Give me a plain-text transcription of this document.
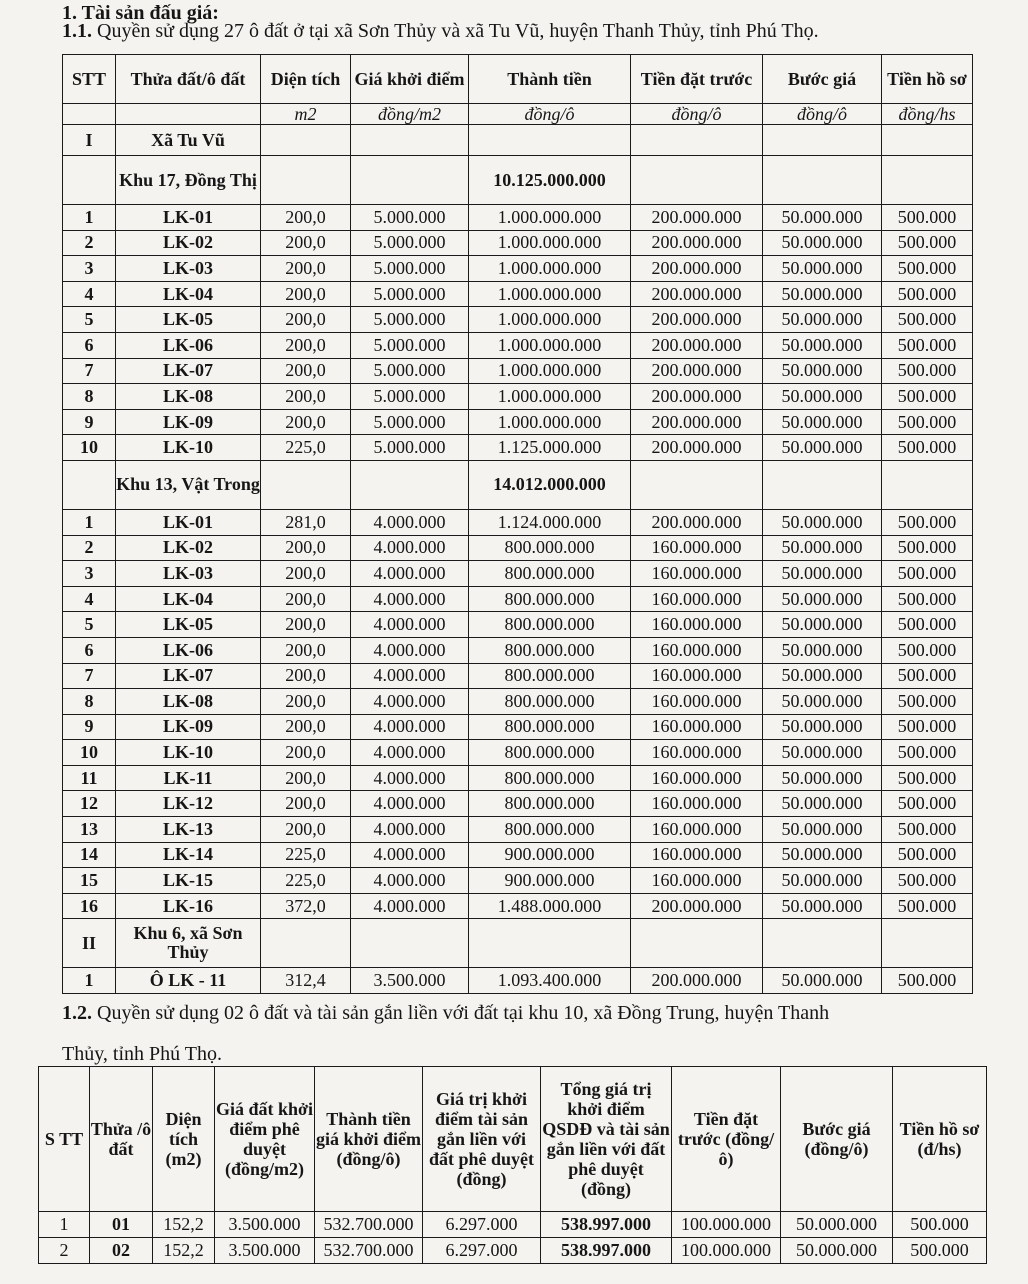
1. Tài sản đấu giá:
1.1. Quyền sử dụng 27 ô đất ở tại xã Sơn Thủy và xã Tu Vũ, huyện Thanh Thủy, tỉnh Phú Thọ.
STT	Thửa đất/ô đất	Diện tích	Giá khởi điểm	Thành tiền	Tiền đặt trước	Bước giá	Tiền hồ sơ
		m2	đồng/m2	đồng/ô	đồng/ô	đồng/ô	đồng/hs
I	Xã Tu Vũ						
	Khu 17, Đồng Thị			10.125.000.000			
1	LK-01	200,0	5.000.000	1.000.000.000	200.000.000	50.000.000	500.000
2	LK-02	200,0	5.000.000	1.000.000.000	200.000.000	50.000.000	500.000
3	LK-03	200,0	5.000.000	1.000.000.000	200.000.000	50.000.000	500.000
4	LK-04	200,0	5.000.000	1.000.000.000	200.000.000	50.000.000	500.000
5	LK-05	200,0	5.000.000	1.000.000.000	200.000.000	50.000.000	500.000
6	LK-06	200,0	5.000.000	1.000.000.000	200.000.000	50.000.000	500.000
7	LK-07	200,0	5.000.000	1.000.000.000	200.000.000	50.000.000	500.000
8	LK-08	200,0	5.000.000	1.000.000.000	200.000.000	50.000.000	500.000
9	LK-09	200,0	5.000.000	1.000.000.000	200.000.000	50.000.000	500.000
10	LK-10	225,0	5.000.000	1.125.000.000	200.000.000	50.000.000	500.000
	Khu 13, Vật Trong			14.012.000.000			
1	LK-01	281,0	4.000.000	1.124.000.000	200.000.000	50.000.000	500.000
2	LK-02	200,0	4.000.000	800.000.000	160.000.000	50.000.000	500.000
3	LK-03	200,0	4.000.000	800.000.000	160.000.000	50.000.000	500.000
4	LK-04	200,0	4.000.000	800.000.000	160.000.000	50.000.000	500.000
5	LK-05	200,0	4.000.000	800.000.000	160.000.000	50.000.000	500.000
6	LK-06	200,0	4.000.000	800.000.000	160.000.000	50.000.000	500.000
7	LK-07	200,0	4.000.000	800.000.000	160.000.000	50.000.000	500.000
8	LK-08	200,0	4.000.000	800.000.000	160.000.000	50.000.000	500.000
9	LK-09	200,0	4.000.000	800.000.000	160.000.000	50.000.000	500.000
10	LK-10	200,0	4.000.000	800.000.000	160.000.000	50.000.000	500.000
11	LK-11	200,0	4.000.000	800.000.000	160.000.000	50.000.000	500.000
12	LK-12	200,0	4.000.000	800.000.000	160.000.000	50.000.000	500.000
13	LK-13	200,0	4.000.000	800.000.000	160.000.000	50.000.000	500.000
14	LK-14	225,0	4.000.000	900.000.000	160.000.000	50.000.000	500.000
15	LK-15	225,0	4.000.000	900.000.000	160.000.000	50.000.000	500.000
16	LK-16	372,0	4.000.000	1.488.000.000	200.000.000	50.000.000	500.000
II	Khu 6, xã Sơn Thủy						
1	Ô LK - 11	312,4	3.500.000	1.093.400.000	200.000.000	50.000.000	500.000
1.2. Quyền sử dụng 02 ô đất và tài sản gắn liền với đất tại khu 10, xã Đồng Trung, huyện Thanh
Thủy, tỉnh Phú Thọ.
S TT	Thửa /ô đất	Diện tích (m2)	Giá đất khởi điểm phê duyệt (đồng/m2)	Thành tiền giá khởi điểm (đồng/ô)	Giá trị khởi điểm tài sản gắn liền với đất phê duyệt (đồng)	Tổng giá trị khởi điểm QSDĐ và tài sản gắn liền với đất phê duyệt (đồng)	Tiền đặt trước (đồng/ô)	Bước giá (đồng/ô)	Tiền hồ sơ (đ/hs)
1	01	152,2	3.500.000	532.700.000	6.297.000	538.997.000	100.000.000	50.000.000	500.000
2	02	152,2	3.500.000	532.700.000	6.297.000	538.997.000	100.000.000	50.000.000	500.000
